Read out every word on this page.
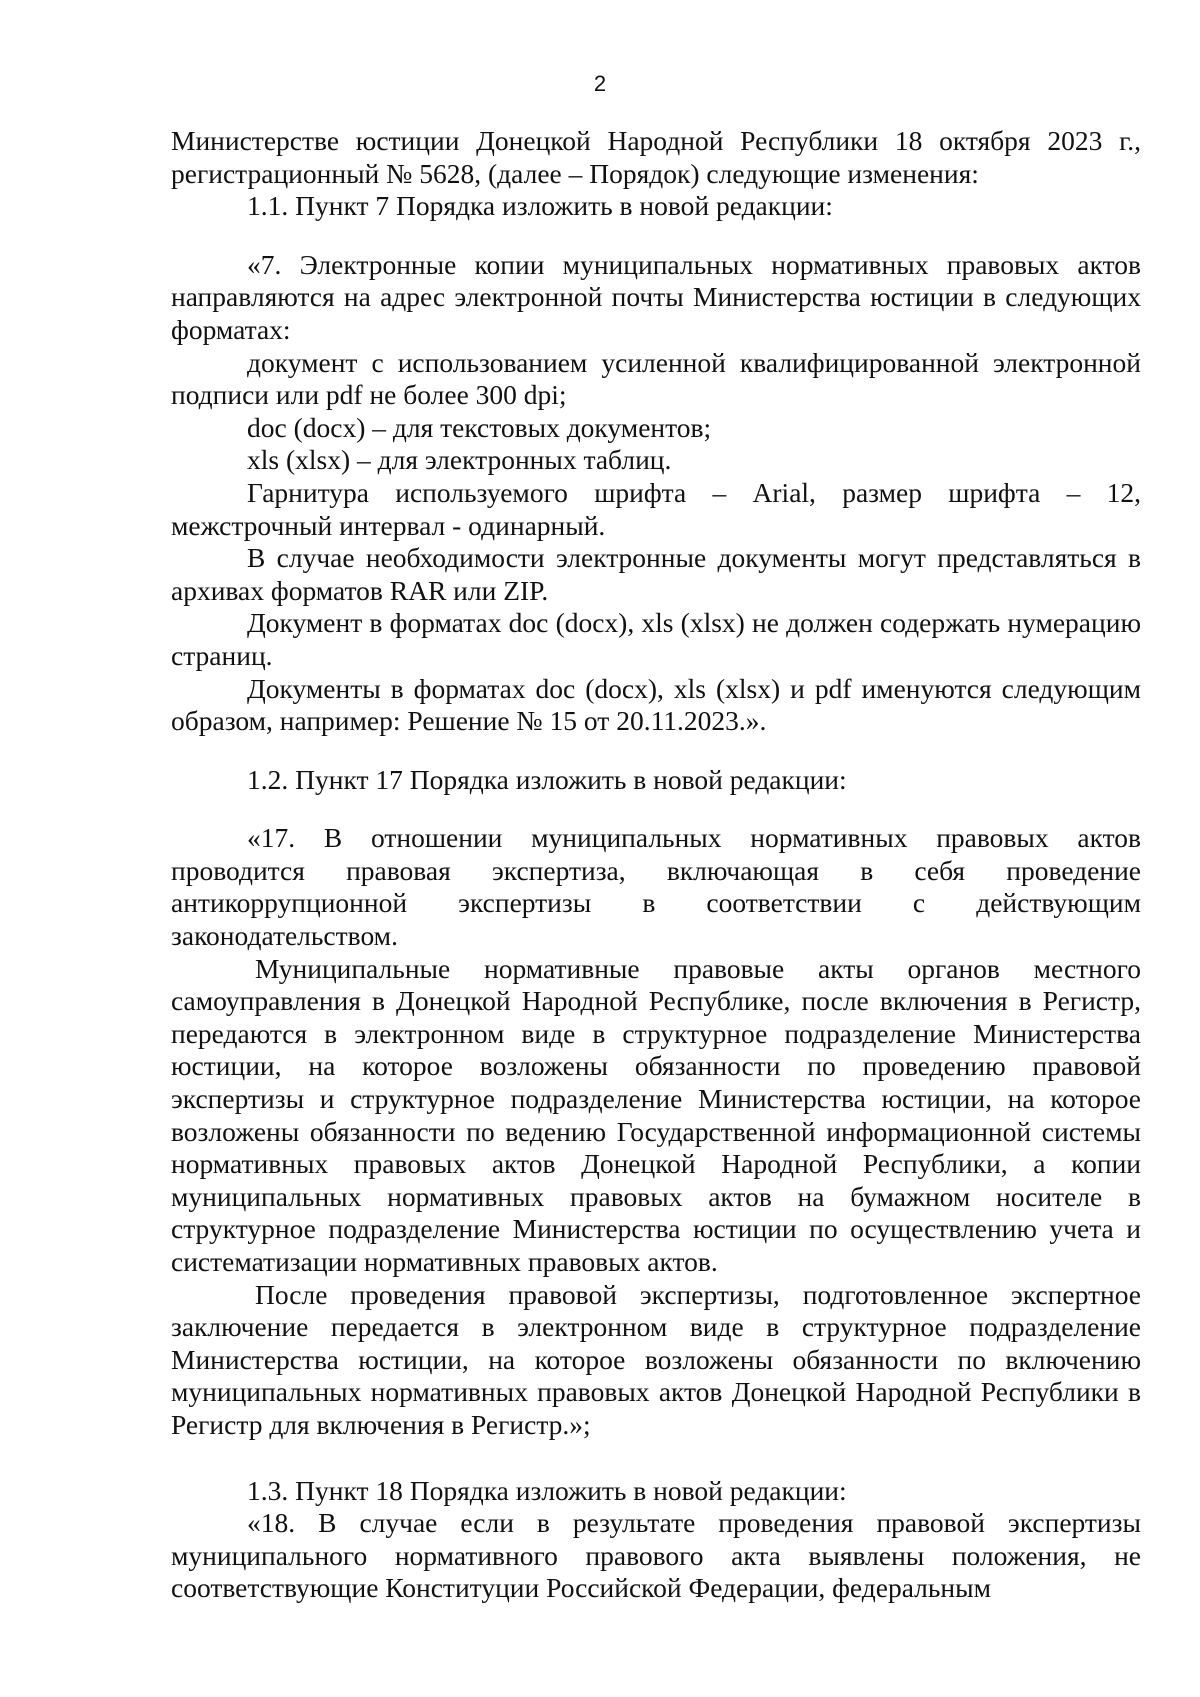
2

Министерстве юстиции Донецкой Народной Республики 18 октября 2023 г., регистрационный № 5628, (далее – Порядок) следующие изменения:

1.1. Пункт 7 Порядка изложить в новой редакции:

«7. Электронные копии муниципальных нормативных правовых актов направляются на адрес электронной почты Министерства юстиции в следующих форматах:

документ с использованием усиленной квалифицированной электронной подписи или pdf не более 300 dpi;

doc (docx) – для текстовых документов;

xls (xlsx) – для электронных таблиц.

Гарнитура используемого шрифта – Arial, размер шрифта – 12, межстрочный интервал - одинарный.

В случае необходимости электронные документы могут представляться в архивах форматов RAR или ZIP.

Документ в форматах doc (docx), xls (xlsx) не должен содержать нумерацию страниц.

Документы в форматах doc (docx), xls (xlsx) и pdf именуются следующим образом, например: Решение № 15 от 20.11.2023.».

1.2. Пункт 17 Порядка изложить в новой редакции:

«17. В отношении муниципальных нормативных правовых актов проводится правовая экспертиза, включающая в себя проведение антикоррупционной экспертизы в соответствии с действующим законодательством.

Муниципальные нормативные правовые акты органов местного самоуправления в Донецкой Народной Республике, после включения в Регистр, передаются в электронном виде в структурное подразделение Министерства юстиции, на которое возложены обязанности по проведению правовой экспертизы и структурное подразделение Министерства юстиции, на которое возложены обязанности по ведению Государственной информационной системы нормативных правовых актов Донецкой Народной Республики, а копии муниципальных нормативных правовых актов на бумажном носителе в структурное подразделение Министерства юстиции по осуществлению учета и систематизации нормативных правовых актов.

После проведения правовой экспертизы, подготовленное экспертное заключение передается в электронном виде в структурное подразделение Министерства юстиции, на которое возложены обязанности по включению муниципальных нормативных правовых актов Донецкой Народной Республики в Регистр для включения в Регистр.»;

1.3. Пункт 18 Порядка изложить в новой редакции:

«18. В случае если в результате проведения правовой экспертизы муниципального нормативного правового акта выявлены положения, не соответствующие Конституции Российской Федерации, федеральным
